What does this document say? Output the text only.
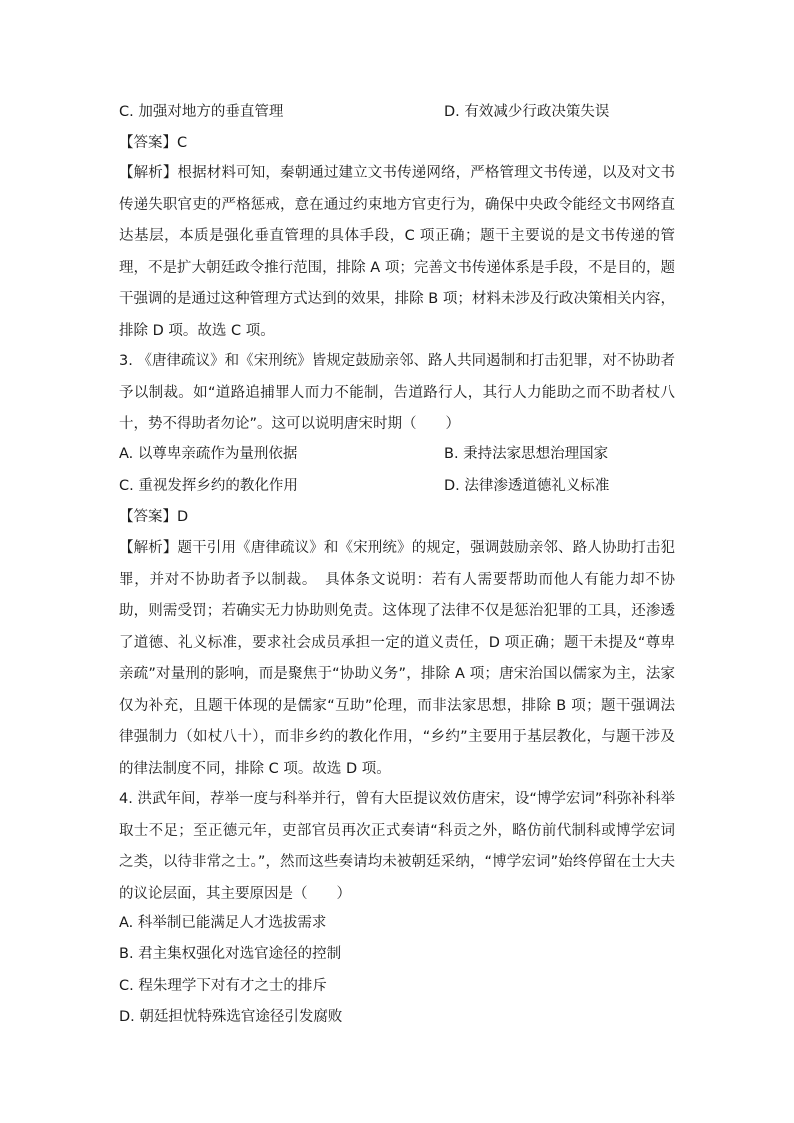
C. 加强对地方的垂直管理	D. 有效减少行政决策失误
【答案】C
【解析】根据材料可知，秦朝通过建立文书传递网络，严格管理文书传递，以及对文书传递失职官吏的严格惩戒，意在通过约束地方官吏行为，确保中央政令能经文书网络直达基层，本质是强化垂直管理的具体手段，C 项正确；题干主要说的是文书传递的管理，不是扩大朝廷政令推行范围，排除 A 项；完善文书传递体系是手段，不是目的，题干强调的是通过这种管理方式达到的效果，排除 B 项；材料未涉及行政决策相关内容，排除 D 项。故选 C 项。
3. 《唐律疏议》和《宋刑统》皆规定鼓励亲邻、路人共同遏制和打击犯罪，对不协助者予以制裁。如“道路追捕罪人而力不能制，告道路行人，其行人力能助之而不助者杖八十，势不得助者勿论”。这可以说明唐宋时期（　　）
A. 以尊卑亲疏作为量刑依据	B. 秉持法家思想治理国家
C. 重视发挥乡约的教化作用	D. 法律渗透道德礼义标准
【答案】D
【解析】题干引用《唐律疏议》和《宋刑统》的规定，强调鼓励亲邻、路人协助打击犯罪，并对不协助者予以制裁。　具体条文说明：若有人需要帮助而他人有能力却不协助，则需受罚；若确实无力协助则免责。这体现了法律不仅是惩治犯罪的工具，还渗透了道德、礼义标准，要求社会成员承担一定的道义责任，D 项正确；题干未提及“尊卑亲疏”对量刑的影响，而是聚焦于“协助义务”，排除 A 项；唐宋治国以儒家为主，法家仅为补充，且题干体现的是儒家“互助”伦理，而非法家思想，排除 B 项；题干强调法律强制力（如杖八十），而非乡约的教化作用，“乡约”主要用于基层教化，与题干涉及的律法制度不同，排除 C 项。故选 D 项。
4. 洪武年间，荐举一度与科举并行，曾有大臣提议效仿唐宋，设“博学宏词”科弥补科举取士不足；至正德元年，吏部官员再次正式奏请“科贡之外，略仿前代制科或博学宏词之类，以待非常之士。”，然而这些奏请均未被朝廷采纳，“博学宏词”始终停留在士大夫的议论层面，其主要原因是（　　）
A. 科举制已能满足人才选拔需求
B. 君主集权强化对选官途径的控制
C. 程朱理学下对有才之士的排斥
D. 朝廷担忧特殊选官途径引发腐败
